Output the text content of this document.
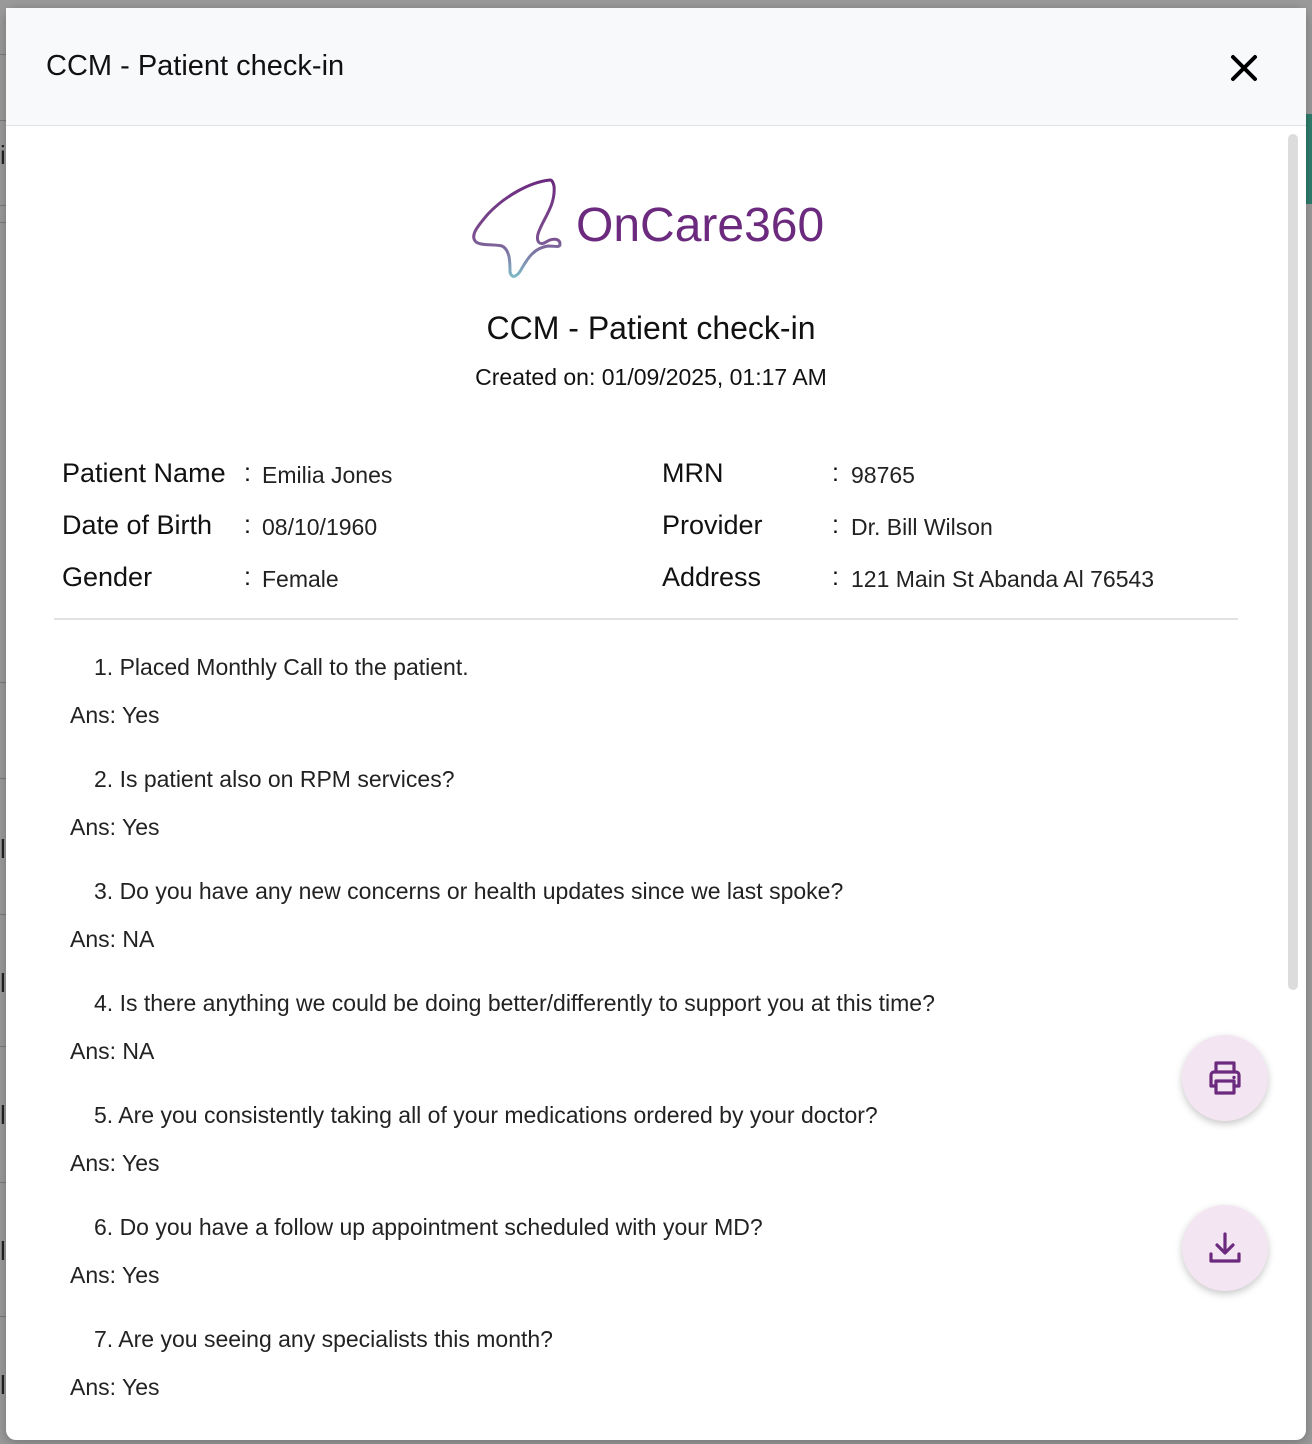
i
l
l
l
l
l
CCM - Patient check-in
OnCare360
CCM - Patient check-in
Created on: 01/09/2025, 01:17 AM
Patient Name : Emilia Jones
Date of Birth : 08/10/1960
Gender	: Female
MRN	: 98765
Provider	: Dr. Bill Wilson
Address	: 121 Main St Abanda Al 76543
1. Placed Monthly Call to the patient.
Ans: Yes
2. Is patient also on RPM services?
Ans: Yes
3. Do you have any new concerns or health updates since we last spoke?
Ans: NA
4. Is there anything we could be doing better/differently to support you at this time?
Ans: NA
5. Are you consistently taking all of your medications ordered by your doctor?
Ans: Yes
6. Do you have a follow up appointment scheduled with your MD?
Ans: Yes
7. Are you seeing any specialists this month?
Ans: Yes
